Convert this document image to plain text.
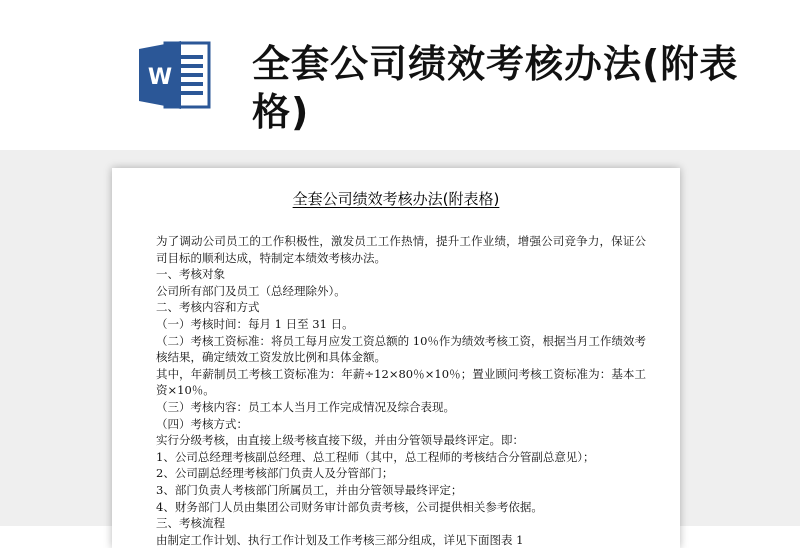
W 全套公司绩效考核办法(附表格)
全套公司绩效考核办法(附表格)

为了调动公司员工的工作积极性，激发员工工作热情，提升工作业绩，增强公司竞争力，保证公司目标的顺利达成，特制定本绩效考核办法。

一、考核对象

公司所有部门及员工（总经理除外）。

二、考核内容和方式

（一）考核时间：每月 1 日至 31 日。

（二）考核工资标准：将员工每月应发工资总额的 10％作为绩效考核工资，根据当月工作绩效考核结果，确定绩效工资发放比例和具体金额。

其中，年薪制员工考核工资标准为：年薪÷12×80％×10％；置业顾问考核工资标准为：基本工资×10％。

（三）考核内容：员工本人当月工作完成情况及综合表现。

（四）考核方式：

实行分级考核，由直接上级考核直接下级，并由分管领导最终评定。即：

1、公司总经理考核副总经理、总工程师（其中，总工程师的考核结合分管副总意见）；

2、公司副总经理考核部门负责人及分管部门；

3、部门负责人考核部门所属员工，并由分管领导最终评定；

4、财务部门人员由集团公司财务审计部负责考核，公司提供相关参考依据。

三、考核流程

由制定工作计划、执行工作计划及工作考核三部分组成，详见下面图表 1
